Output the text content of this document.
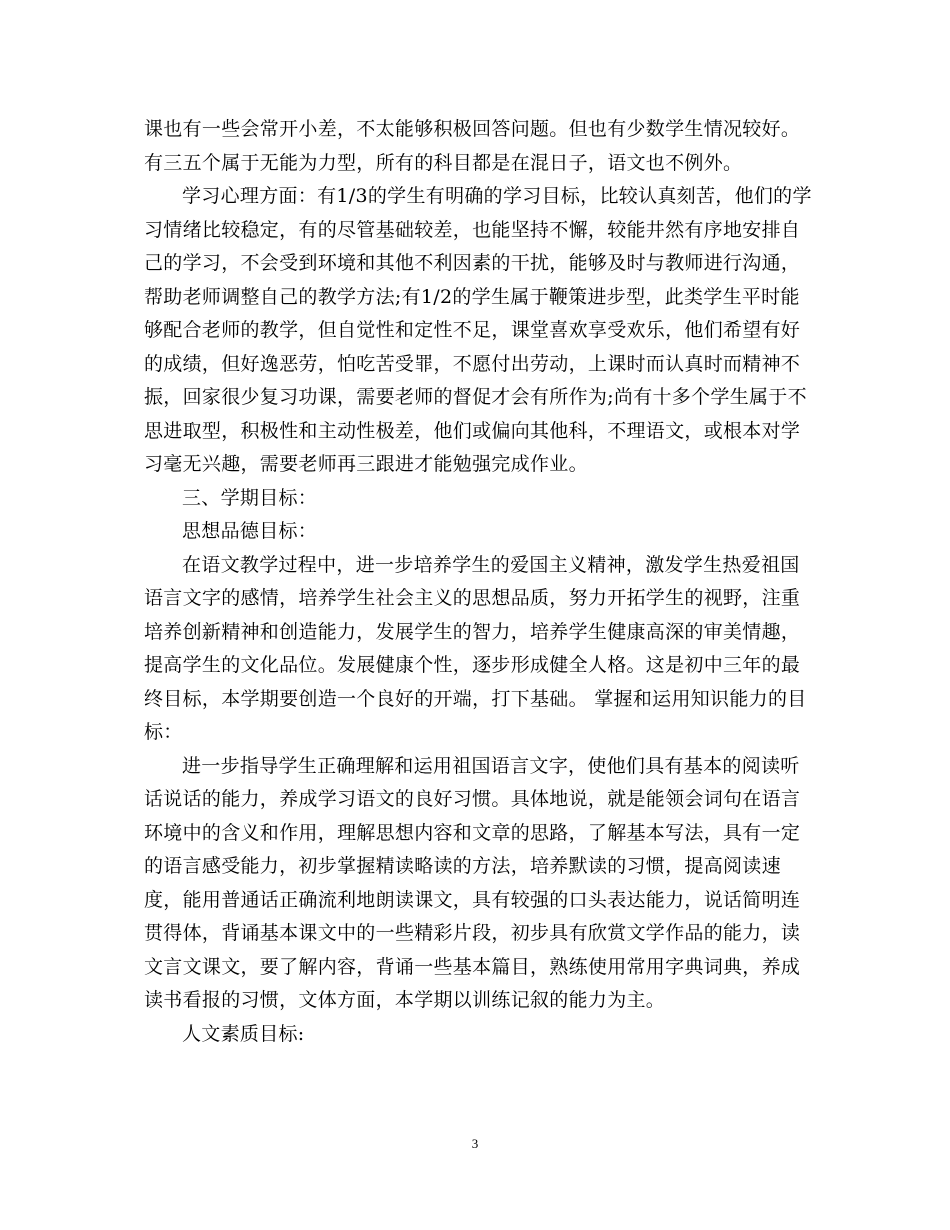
课也有一些会常开小差，不太能够积极回答问题。但也有少数学生情况较好。有三五个属于无能为力型，所有的科目都是在混日子，语文也不例外。

学习心理方面：有1/3的学生有明确的学习目标，比较认真刻苦，他们的学习情绪比较稳定，有的尽管基础较差，也能坚持不懈，较能井然有序地安排自己的学习，不会受到环境和其他不利因素的干扰，能够及时与教师进行沟通，帮助老师调整自己的教学方法;有1/2的学生属于鞭策进步型，此类学生平时能够配合老师的教学，但自觉性和定性不足，课堂喜欢享受欢乐，他们希望有好的成绩，但好逸恶劳，怕吃苦受罪，不愿付出劳动，上课时而认真时而精神不振，回家很少复习功课，需要老师的督促才会有所作为;尚有十多个学生属于不思进取型，积极性和主动性极差，他们或偏向其他科，不理语文，或根本对学习毫无兴趣，需要老师再三跟进才能勉强完成作业。

三、学期目标：

思想品德目标：

在语文教学过程中，进一步培养学生的爱国主义精神，激发学生热爱祖国语言文字的感情，培养学生社会主义的思想品质，努力开拓学生的视野，注重培养创新精神和创造能力，发展学生的智力，培养学生健康高深的审美情趣，提高学生的文化品位。发展健康个性，逐步形成健全人格。这是初中三年的最终目标，本学期要创造一个良好的开端，打下基础。 掌握和运用知识能力的目标：

进一步指导学生正确理解和运用祖国语言文字，使他们具有基本的阅读听话说话的能力，养成学习语文的良好习惯。具体地说，就是能领会词句在语言环境中的含义和作用，理解思想内容和文章的思路，了解基本写法，具有一定的语言感受能力，初步掌握精读略读的方法，培养默读的习惯，提高阅读速度，能用普通话正确流利地朗读课文，具有较强的口头表达能力，说话简明连贯得体，背诵基本课文中的一些精彩片段，初步具有欣赏文学作品的能力，读文言文课文，要了解内容，背诵一些基本篇目，熟练使用常用字典词典，养成读书看报的习惯，文体方面，本学期以训练记叙的能力为主。

人文素质目标:

3
